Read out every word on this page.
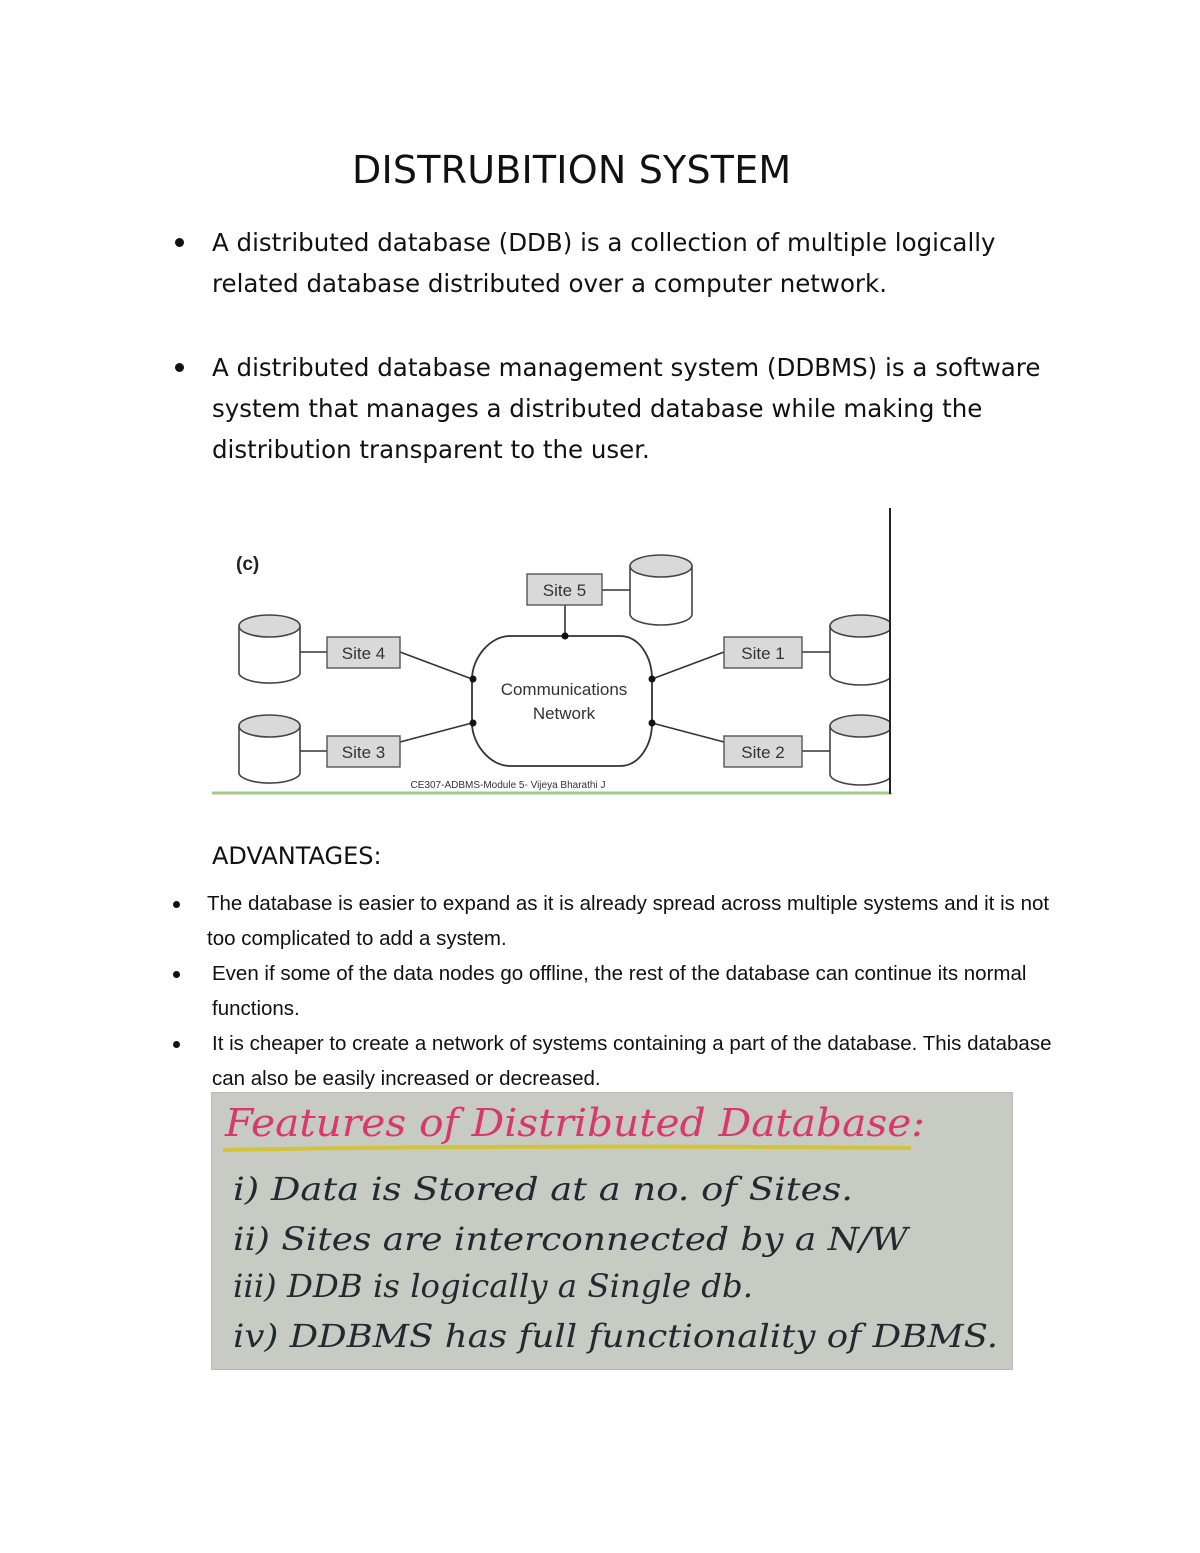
DISTRUBITION SYSTEM
A distributed database (DDB) is a collection of multiple logically related database distributed over a computer network.
A distributed database management system (DDBMS) is a software system that manages a distributed database while making the distribution transparent to the user.
(c)
Communications
Network
Site 5
Site 4	Site 1
Site 3	Site 2
CE307-ADBMS-Module 5- Vijeya Bharathi J
ADVANTAGES:
The database is easier to expand as it is already spread across multiple systems and it is not too complicated to add a system.
Even if some of the data nodes go offline, the rest of the database can continue its normal functions.
It is cheaper to create a network of systems containing a part of the database. This database can also be easily increased or decreased.
Features of Distributed Database:
i) Data is Stored at a no. of Sites.
ii) Sites are interconnected by a N/W
iii) DDB is logically a Single db.
iv) DDBMS has full functionality of DBMS.
